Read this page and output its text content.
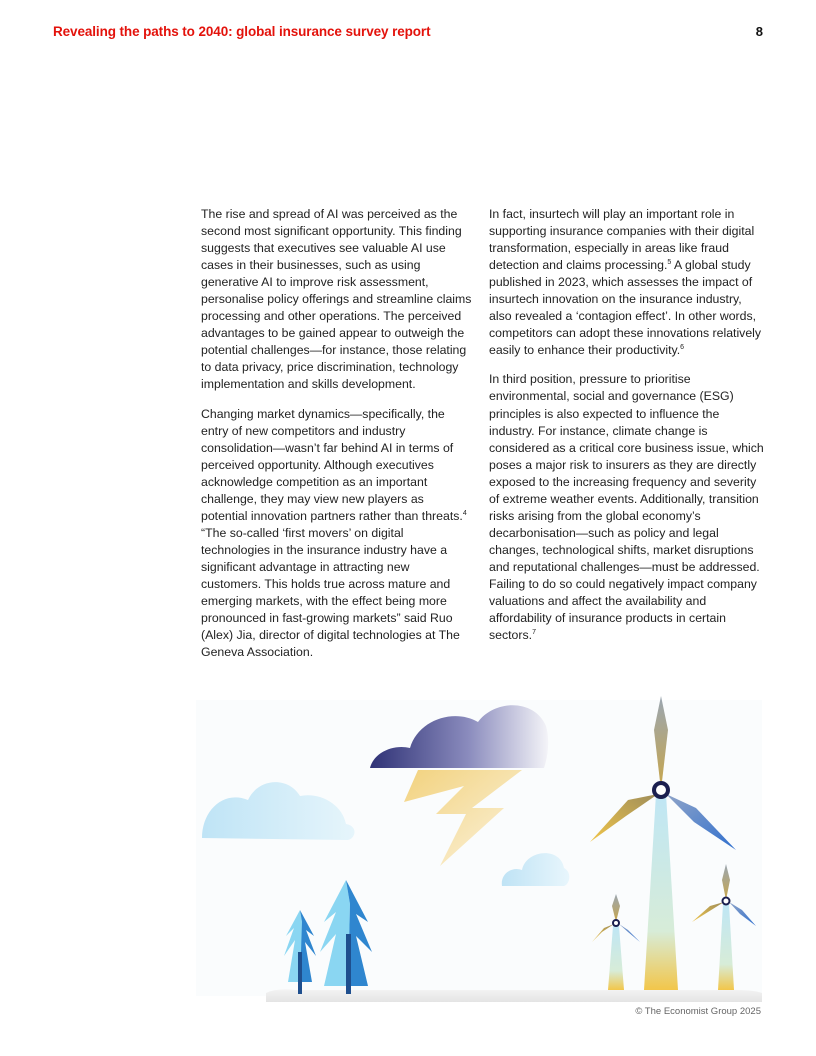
Revealing the paths to 2040: global insurance survey report	8

The rise and spread of AI was perceived as the second most significant opportunity. This finding suggests that executives see valuable AI use cases in their businesses, such as using generative AI to improve risk assessment, personalise policy offerings and streamline claims processing and other operations. The perceived advantages to be gained appear to outweigh the potential challenges—for instance, those relating to data privacy, price discrimination, technology implementation and skills development.

Changing market dynamics—specifically, the entry of new competitors and industry consolidation—wasn’t far behind AI in terms of perceived opportunity. Although executives acknowledge competition as an important challenge, they may view new players as potential innovation partners rather than threats.$^4$ “The so-called ‘first movers’ on digital technologies in the insurance industry have a significant advantage in attracting new customers. This holds true across mature and emerging markets, with the effect being more pronounced in fast-growing markets” said Ruo (Alex) Jia, director of digital technologies at The Geneva Association.

In fact, insurtech will play an important role in supporting insurance companies with their digital transformation, especially in areas like fraud detection and claims processing.$^5$ A global study published in 2023, which assesses the impact of insurtech innovation on the insurance industry, also revealed a ‘contagion effect’. In other words, competitors can adopt these innovations relatively easily to enhance their productivity.$^6$

In third position, pressure to prioritise environmental, social and governance (ESG) principles is also expected to influence the industry. For instance, climate change is considered as a critical core business issue, which poses a major risk to insurers as they are directly exposed to the increasing frequency and severity of extreme weather events. Additionally, transition risks arising from the global economy’s decarbonisation—such as policy and legal changes, technological shifts, market disruptions and reputational challenges—must be addressed. Failing to do so could negatively impact company valuations and affect the availability and affordability of insurance products in certain sectors.$^7$

© The Economist Group 2025
